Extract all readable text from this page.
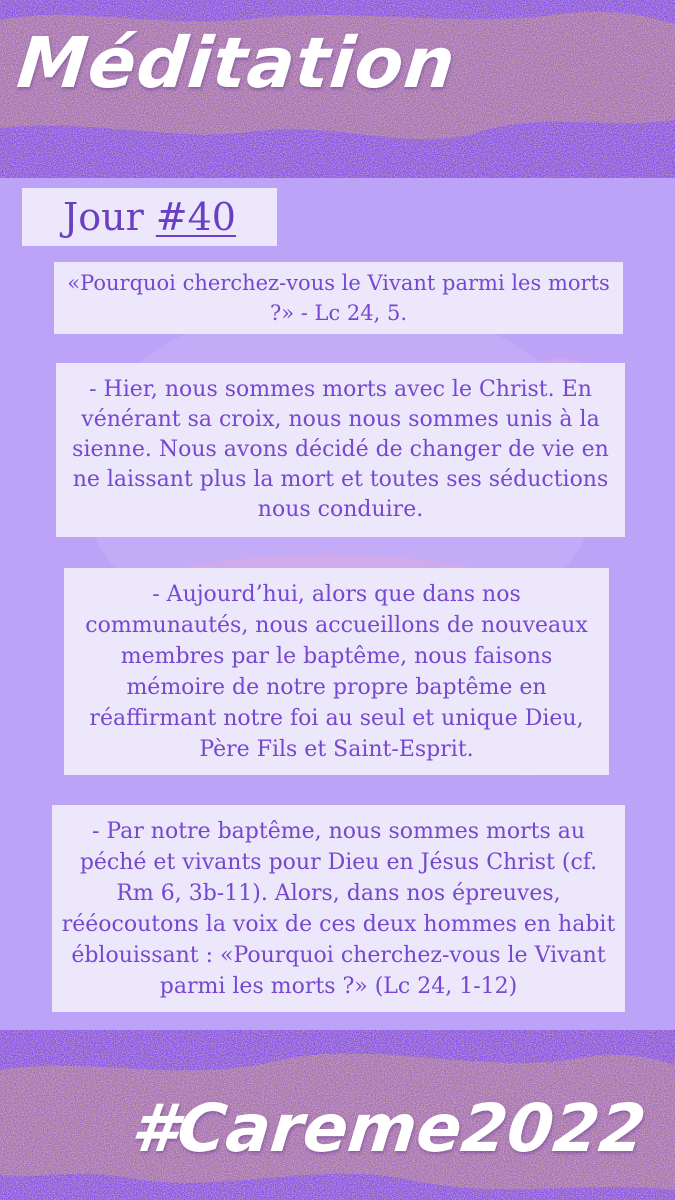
Méditation
Jour #40
«Pourquoi cherchez-vous le Vivant parmi les morts ?» - Lc 24, 5.
- Hier, nous sommes morts avec le Christ. En vénérant sa croix, nous nous sommes unis à la sienne. Nous avons décidé de changer de vie en ne laissant plus la mort et toutes ses séductions nous conduire.
- Aujourd’hui, alors que dans nos communautés, nous accueillons de nouveaux membres par le baptême, nous faisons mémoire de notre propre baptême en réaffirmant notre foi au seul et unique Dieu, Père Fils et Saint-Esprit.
- Par notre baptême, nous sommes morts au péché et vivants pour Dieu en Jésus Christ (cf. Rm 6, 3b-11). Alors, dans nos épreuves, rééocoutons la voix de ces deux hommes en habit éblouissant : «Pourquoi cherchez-vous le Vivant parmi les morts ?» (Lc 24, 1-12)
#Careme2022
